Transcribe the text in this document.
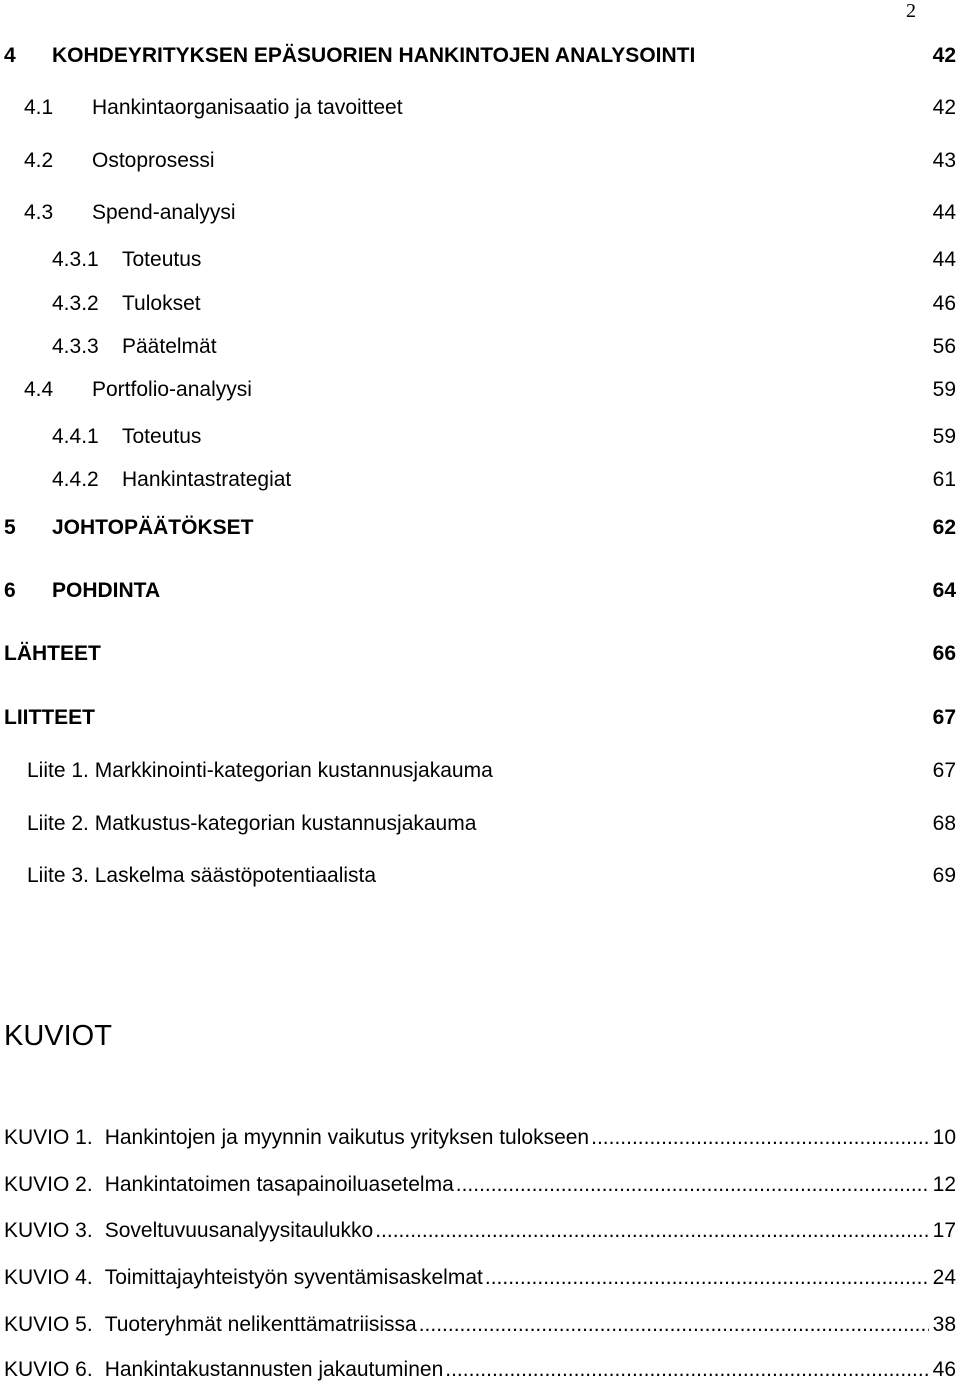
2
4 KOHDEYRITYKSEN EPÄSUORIEN HANKINTOJEN ANALYSOINTI	42
4.1 Hankintaorganisaatio ja tavoitteet	42
4.2 Ostoprosessi	43
4.3 Spend-analyysi	44
4.3.1 Toteutus	44
4.3.2 Tulokset	46
4.3.3 Päätelmät	56
4.4 Portfolio-analyysi	59
4.4.1 Toteutus	59
4.4.2 Hankintastrategiat	61
5 JOHTOPÄÄTÖKSET	62
6 POHDINTA	64
LÄHTEET	66
LIITTEET	67
Liite 1. Markkinointi-kategorian kustannusjakauma	67
Liite 2. Matkustus-kategorian kustannusjakauma	68
Liite 3. Laskelma säästöpotentiaalista	69
KUVIOT
KUVIO 1. Hankintojen ja myynnin vaikutus yrityksen tulokseen .....	10
KUVIO 2. Hankintatoimen tasapainoiluasetelma .....	12
KUVIO 3. Soveltuvuusanalyysitaulukko .....	17
KUVIO 4. Toimittajayhteistyön syventämisaskelmat .....	24
KUVIO 5. Tuoteryhmät nelikenttämatriisissa .....	38
KUVIO 6. Hankintakustannusten jakautuminen .....	46
